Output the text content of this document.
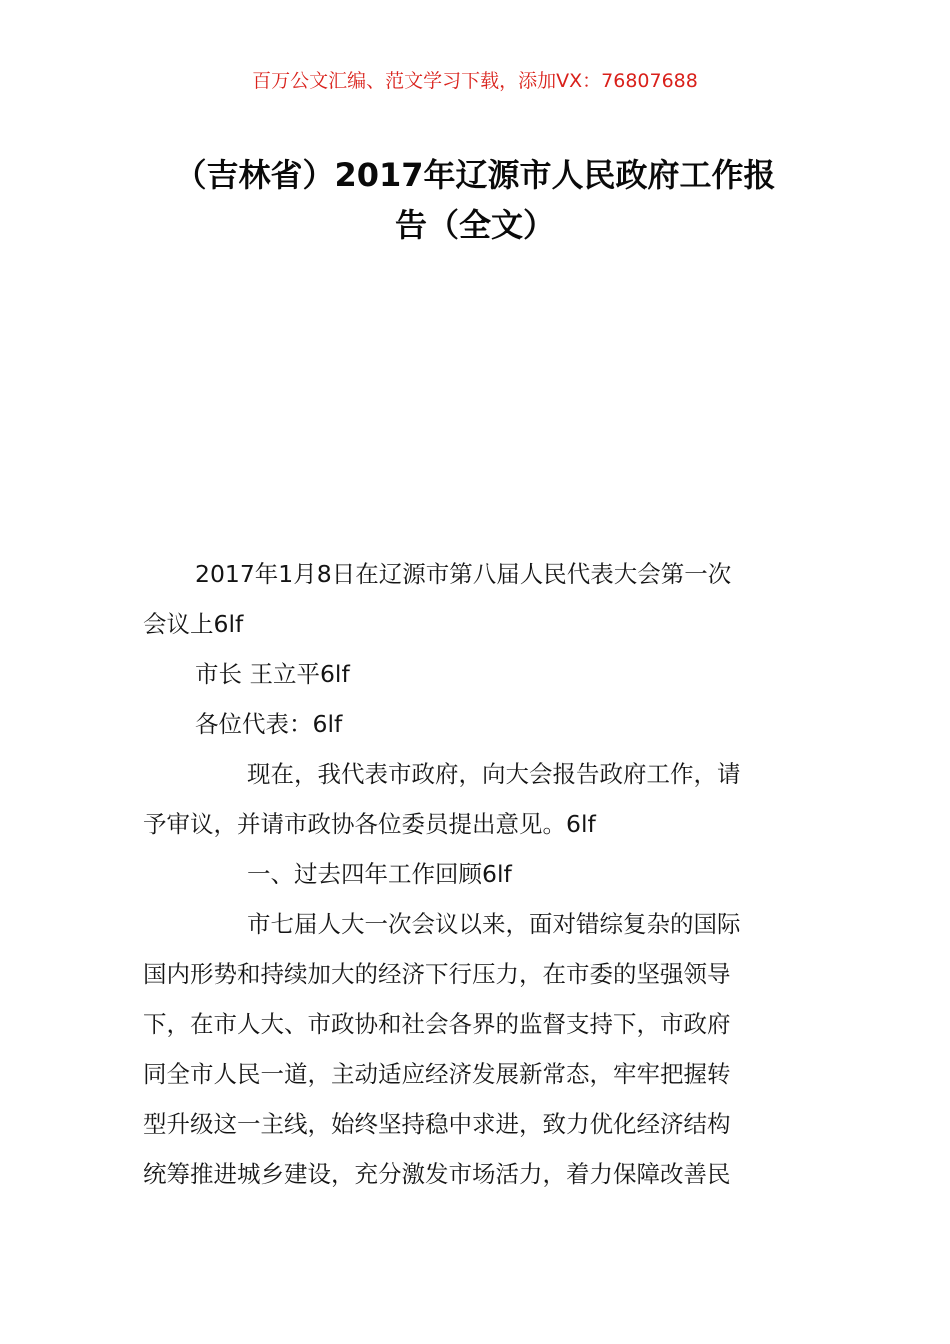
百万公文汇编、范文学习下载，添加VX：76807688
（吉林省）2017年辽源市人民政府工作报
告（全文）
2017年1月8日在辽源市第八届人民代表大会第一次
会议上6lf
市长 王立平6lf
各位代表：6lf
现在，我代表市政府，向大会报告政府工作，请
予审议，并请市政协各位委员提出意见。6lf
一、过去四年工作回顾6lf
市七届人大一次会议以来，面对错综复杂的国际
国内形势和持续加大的经济下行压力，在市委的坚强领导
下，在市人大、市政协和社会各界的监督支持下，市政府
同全市人民一道，主动适应经济发展新常态，牢牢把握转
型升级这一主线，始终坚持稳中求进，致力优化经济结构
统筹推进城乡建设，充分激发市场活力，着力保障改善民
